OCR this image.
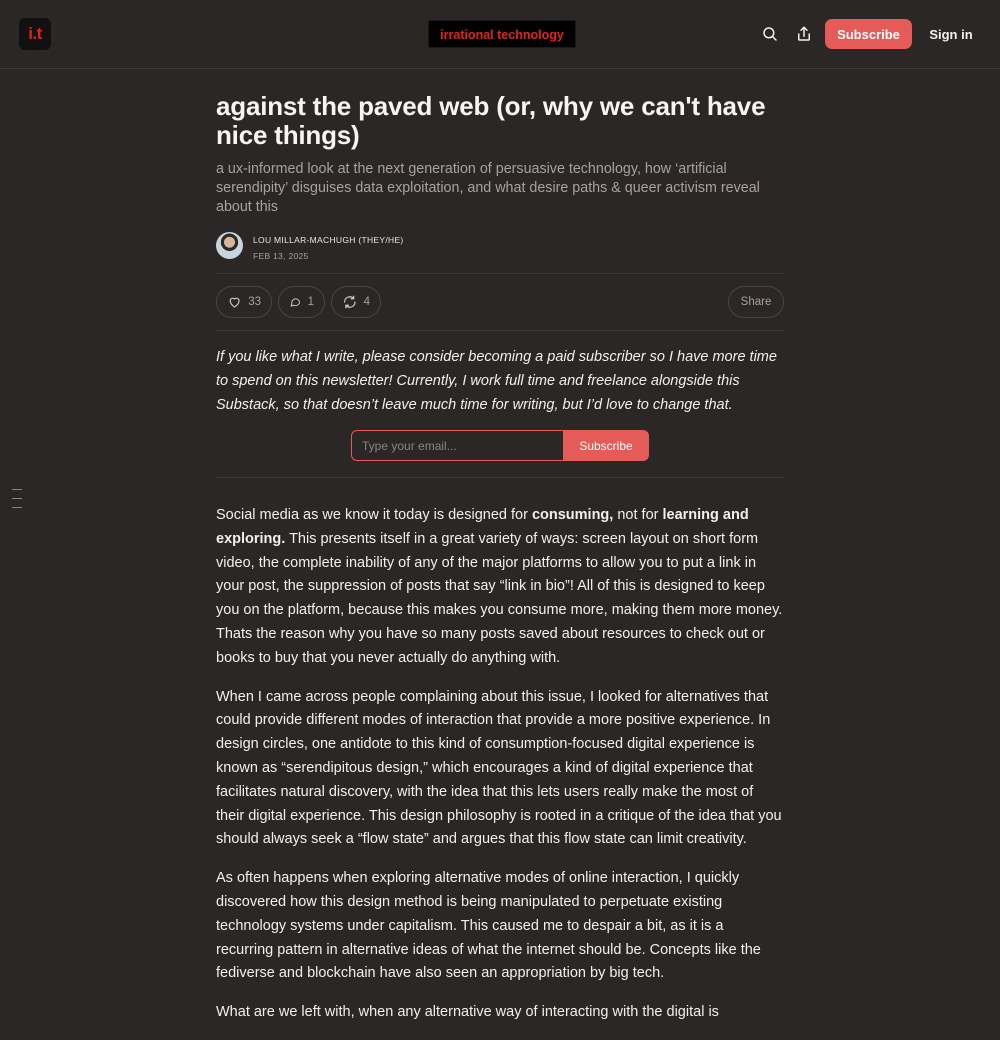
i.t	irrational technology	Subscribe	Sign in
against the paved web (or, why we can't have nice things)
a ux-informed look at the next generation of persuasive technology, how ‘artificial serendipity’ disguises data exploitation, and what desire paths & queer activism reveal about this
LOU MILLAR-MACHUGH (THEY/HE)
FEB 13, 2025
33	1	4	Share

If you like what I write, please consider becoming a paid subscriber so I have more time to spend on this newsletter! Currently, I work full time and freelance alongside this Substack, so that doesn’t leave much time for writing, but I’d love to change that.

Type your email...
Subscribe

Social media as we know it today is designed for consuming, not for learning and exploring. This presents itself in a great variety of ways: screen layout on short form video, the complete inability of any of the major platforms to allow you to put a link in your post, the suppression of posts that say “link in bio”! All of this is designed to keep you on the platform, because this makes you consume more, making them more money. Thats the reason why you have so many posts saved about resources to check out or books to buy that you never actually do anything with.

When I came across people complaining about this issue, I looked for alternatives that could provide different modes of interaction that provide a more positive experience. In design circles, one antidote to this kind of consumption-focused digital experience is known as “serendipitous design,” which encourages a kind of digital experience that facilitates natural discovery, with the idea that this lets users really make the most of their digital experience. This design philosophy is rooted in a critique of the idea that you should always seek a “flow state” and argues that this flow state can limit creativity.

As often happens when exploring alternative modes of online interaction, I quickly discovered how this design method is being manipulated to perpetuate existing technology systems under capitalism. This caused me to despair a bit, as it is a recurring pattern in alternative ideas of what the internet should be. Concepts like the fediverse and blockchain have also seen an appropriation by big tech.

What are we left with, when any alternative way of interacting with the digital is
